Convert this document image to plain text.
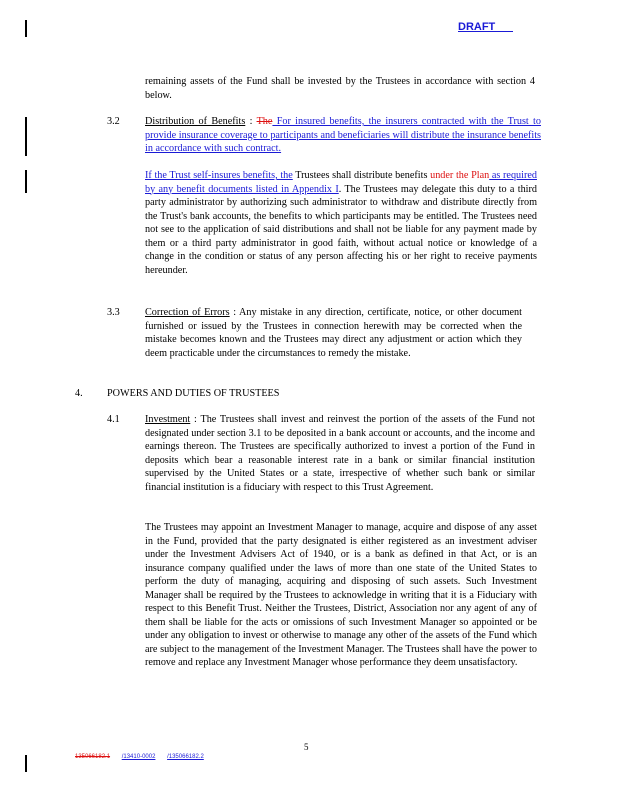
DRAFT
remaining assets of the Fund shall be invested by the Trustees in accordance with section 4 below.
3.2 Distribution of Benefits : The For insured benefits, the insurers contracted with the Trust to provide insurance coverage to participants and beneficiaries will distribute the insurance benefits in accordance with such contract.
If the Trust self-insures benefits, the Trustees shall distribute benefits under the Plan as required by any benefit documents listed in Appendix I. The Trustees may delegate this duty to a third party administrator by authorizing such administrator to withdraw and distribute directly from the Trust's bank accounts, the benefits to which participants may be entitled. The Trustees need not see to the application of said distributions and shall not be liable for any payment made by them or a third party administrator in good faith, without actual notice or knowledge of a change in the condition or status of any person affecting his or her right to receive payments hereunder.
3.3 Correction of Errors : Any mistake in any direction, certificate, notice, or other document furnished or issued by the Trustees in connection herewith may be corrected when the mistake becomes known and the Trustees may direct any adjustment or action which they deem practicable under the circumstances to remedy the mistake.
4. POWERS AND DUTIES OF TRUSTEES
4.1 Investment : The Trustees shall invest and reinvest the portion of the assets of the Fund not designated under section 3.1 to be deposited in a bank account or accounts, and the income and earnings thereon. The Trustees are specifically authorized to invest a portion of the Fund in deposits which bear a reasonable interest rate in a bank or similar financial institution supervised by the United States or a state, irrespective of whether such bank or similar financial institution is a fiduciary with respect to this Trust Agreement.
The Trustees may appoint an Investment Manager to manage, acquire and dispose of any asset in the Fund, provided that the party designated is either registered as an investment adviser under the Investment Advisers Act of 1940, or is a bank as defined in that Act, or is an insurance company qualified under the laws of more than one state of the United States to perform the duty of managing, acquiring and disposing of such assets. Such Investment Manager shall be required by the Trustees to acknowledge in writing that it is a Fiduciary with respect to this Benefit Trust. Neither the Trustees, District, Association nor any agent of any of them shall be liable for the acts or omissions of such Investment Manager so appointed or be under any obligation to invest or otherwise to manage any other of the assets of the Fund which are subject to the management of the Investment Manager. The Trustees shall have the power to remove and replace any Investment Manager whose performance they deem unsatisfactory.
5
135066182.1 /13410-0002 /135066182.2
